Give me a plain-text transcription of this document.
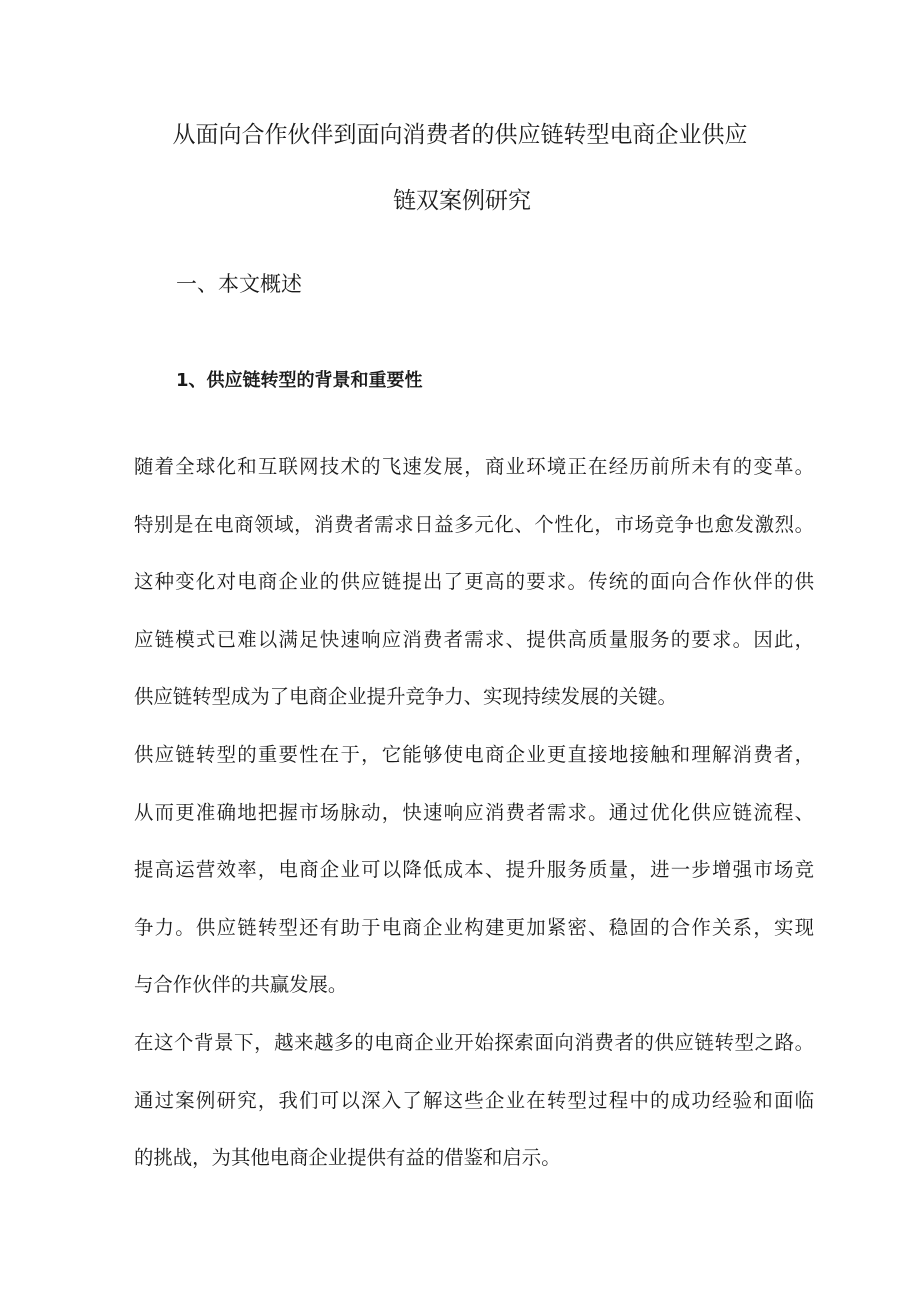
从面向合作伙伴到面向消费者的供应链转型电商企业供应
链双案例研究
一、本文概述
1、供应链转型的背景和重要性
随着全球化和互联网技术的飞速发展，商业环境正在经历前所未有的变革。
特别是在电商领域，消费者需求日益多元化、个性化，市场竞争也愈发激烈。
这种变化对电商企业的供应链提出了更高的要求。传统的面向合作伙伴的供
应链模式已难以满足快速响应消费者需求、提供高质量服务的要求。因此，
供应链转型成为了电商企业提升竞争力、实现持续发展的关键。
供应链转型的重要性在于，它能够使电商企业更直接地接触和理解消费者，
从而更准确地把握市场脉动，快速响应消费者需求。通过优化供应链流程、
提高运营效率，电商企业可以降低成本、提升服务质量，进一步增强市场竞
争力。供应链转型还有助于电商企业构建更加紧密、稳固的合作关系，实现
与合作伙伴的共赢发展。
在这个背景下，越来越多的电商企业开始探索面向消费者的供应链转型之路。
通过案例研究，我们可以深入了解这些企业在转型过程中的成功经验和面临
的挑战，为其他电商企业提供有益的借鉴和启示。
